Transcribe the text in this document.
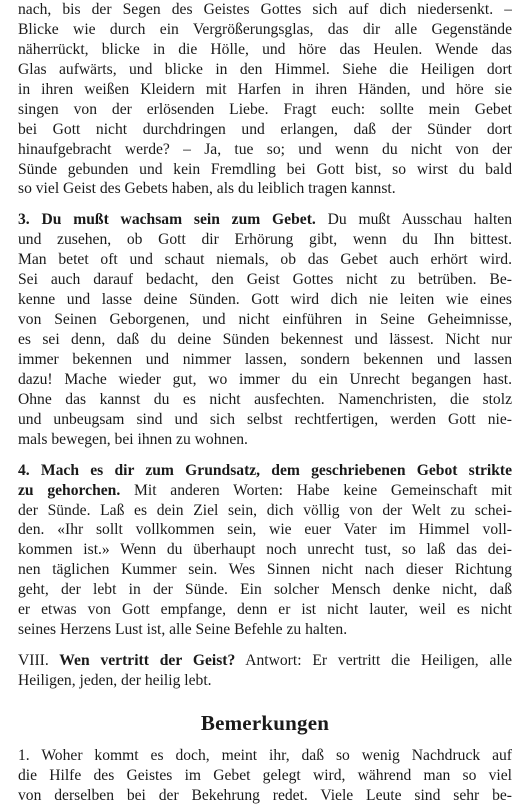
nach, bis der Segen des Geistes Gottes sich auf dich niedersenkt. –
Blicke wie durch ein Vergrößerungsglas, das dir alle Gegenstände
näherrückt, blicke in die Hölle, und höre das Heulen. Wende das
Glas aufwärts, und blicke in den Himmel. Siehe die Heiligen dort
in ihren weißen Kleidern mit Harfen in ihren Händen, und höre sie
singen von der erlösenden Liebe. Fragt euch: sollte mein Gebet
bei Gott nicht durchdringen und erlangen, daß der Sünder dort
hinaufgebracht werde? – Ja, tue so; und wenn du nicht von der
Sünde gebunden und kein Fremdling bei Gott bist, so wirst du bald
so viel Geist des Gebets haben, als du leiblich tragen kannst.
3. Du mußt wachsam sein zum Gebet. Du mußt Ausschau halten
und zusehen, ob Gott dir Erhörung gibt, wenn du Ihn bittest.
Man betet oft und schaut niemals, ob das Gebet auch erhört wird.
Sei auch darauf bedacht, den Geist Gottes nicht zu betrüben. Be-
kenne und lasse deine Sünden. Gott wird dich nie leiten wie eines
von Seinen Geborgenen, und nicht einführen in Seine Geheimnisse,
es sei denn, daß du deine Sünden bekennest und lässest. Nicht nur
immer bekennen und nimmer lassen, sondern bekennen und lassen
dazu! Mache wieder gut, wo immer du ein Unrecht begangen hast.
Ohne das kannst du es nicht ausfechten. Namenchristen, die stolz
und unbeugsam sind und sich selbst rechtfertigen, werden Gott nie-
mals bewegen, bei ihnen zu wohnen.
4. Mach es dir zum Grundsatz, dem geschriebenen Gebot strikte
zu gehorchen. Mit anderen Worten: Habe keine Gemeinschaft mit
der Sünde. Laß es dein Ziel sein, dich völlig von der Welt zu schei-
den. «Ihr sollt vollkommen sein, wie euer Vater im Himmel voll-
kommen ist.» Wenn du überhaupt noch unrecht tust, so laß das dei-
nen täglichen Kummer sein. Wes Sinnen nicht nach dieser Richtung
geht, der lebt in der Sünde. Ein solcher Mensch denke nicht, daß
er etwas von Gott empfange, denn er ist nicht lauter, weil es nicht
seines Herzens Lust ist, alle Seine Befehle zu halten.
VIII. Wen vertritt der Geist? Antwort: Er vertritt die Heiligen, alle
Heiligen, jeden, der heilig lebt.
Bemerkungen
1. Woher kommt es doch, meint ihr, daß so wenig Nachdruck auf
die Hilfe des Geistes im Gebet gelegt wird, während man so viel
von derselben bei der Bekehrung redet. Viele Leute sind sehr be-
